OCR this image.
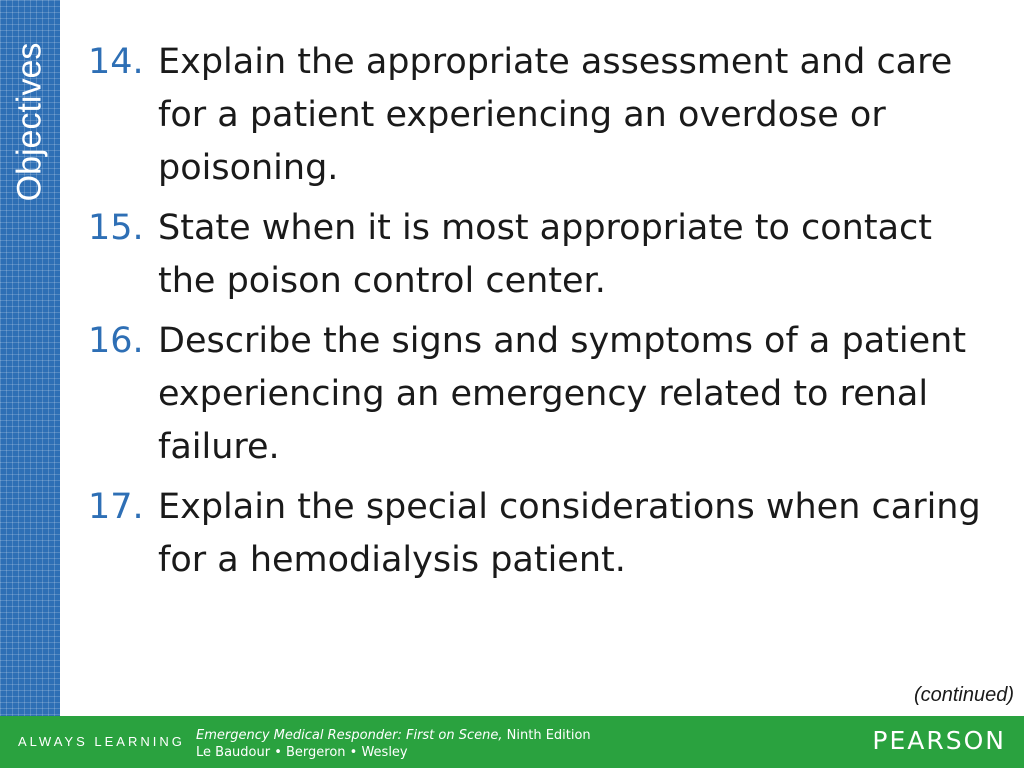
Objectives 14. Explain the appropriate assessment and care for a patient experiencing an overdose or poisoning.
15. State when it is most appropriate to contact the poison control center.
16. Describe the signs and symptoms of a patient experiencing an emergency related to renal failure.
17. Explain the special considerations when caring for a hemodialysis patient.
(continued)
ALWAYS LEARNING Emergency Medical Responder: First on Scene, Ninth Edition
Le Baudour • Bergeron • Wesley	PEARSON
